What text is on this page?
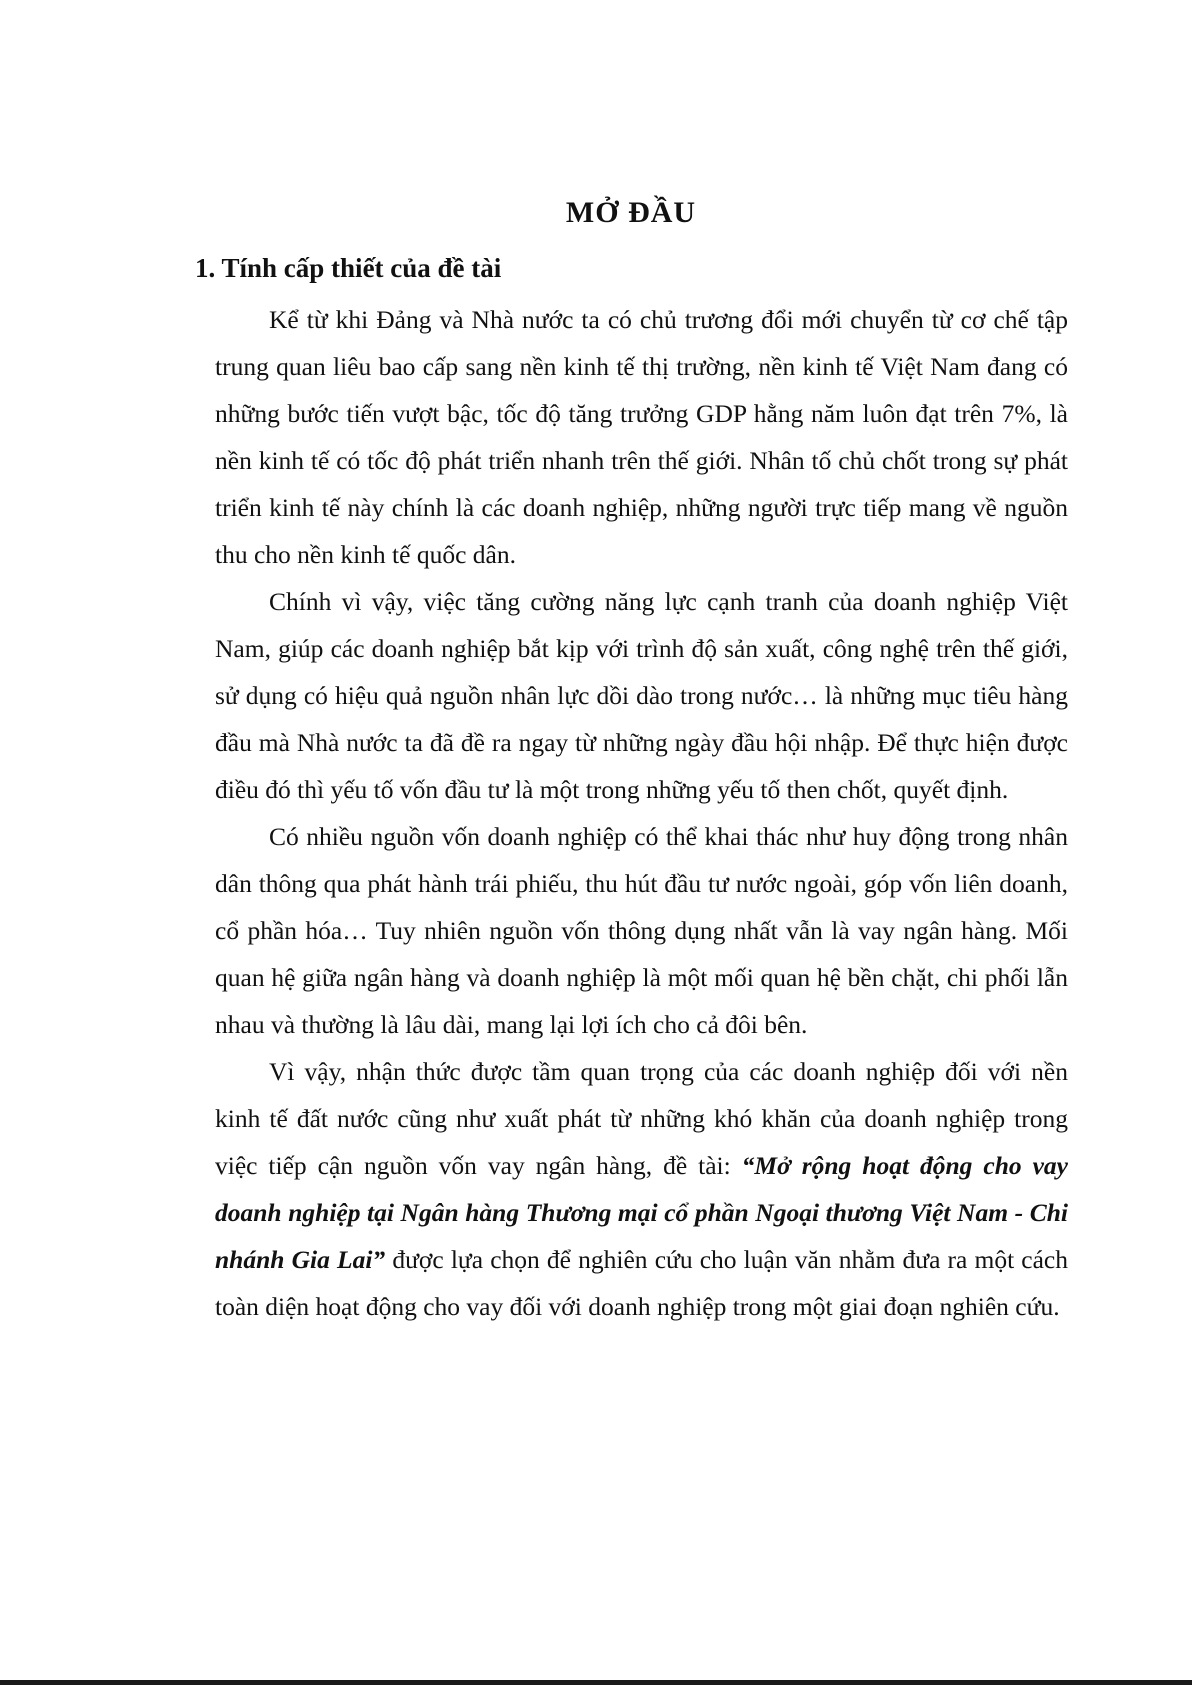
MỞ ĐẦU
1. Tính cấp thiết của đề tài

Kể từ khi Đảng và Nhà nước ta có chủ trương đổi mới chuyển từ cơ chế tập trung quan liêu bao cấp sang nền kinh tế thị trường, nền kinh tế Việt Nam đang có những bước tiến vượt bậc, tốc độ tăng trưởng GDP hằng năm luôn đạt trên 7%, là nền kinh tế có tốc độ phát triển nhanh trên thế giới. Nhân tố chủ chốt trong sự phát triển kinh tế này chính là các doanh nghiệp, những người trực tiếp mang về nguồn thu cho nền kinh tế quốc dân.

Chính vì vậy, việc tăng cường năng lực cạnh tranh của doanh nghiệp Việt Nam, giúp các doanh nghiệp bắt kịp với trình độ sản xuất, công nghệ trên thế giới, sử dụng có hiệu quả nguồn nhân lực dồi dào trong nước… là những mục tiêu hàng đầu mà Nhà nước ta đã đề ra ngay từ những ngày đầu hội nhập. Để thực hiện được điều đó thì yếu tố vốn đầu tư là một trong những yếu tố then chốt, quyết định.

Có nhiều nguồn vốn doanh nghiệp có thể khai thác như huy động trong nhân dân thông qua phát hành trái phiếu, thu hút đầu tư nước ngoài, góp vốn liên doanh, cổ phần hóa… Tuy nhiên nguồn vốn thông dụng nhất vẫn là vay ngân hàng. Mối quan hệ giữa ngân hàng và doanh nghiệp là một mối quan hệ bền chặt, chi phối lẫn nhau và thường là lâu dài, mang lại lợi ích cho cả đôi bên.

Vì vậy, nhận thức được tầm quan trọng của các doanh nghiệp đối với nền kinh tế đất nước cũng như xuất phát từ những khó khăn của doanh nghiệp trong việc tiếp cận nguồn vốn vay ngân hàng, đề tài: “Mở rộng hoạt động cho vay doanh nghiệp tại Ngân hàng Thương mại cổ phần Ngoại thương Việt Nam - Chi nhánh Gia Lai” được lựa chọn để nghiên cứu cho luận văn nhằm đưa ra một cách toàn diện hoạt động cho vay đối với doanh nghiệp trong một giai đoạn nghiên cứu.
